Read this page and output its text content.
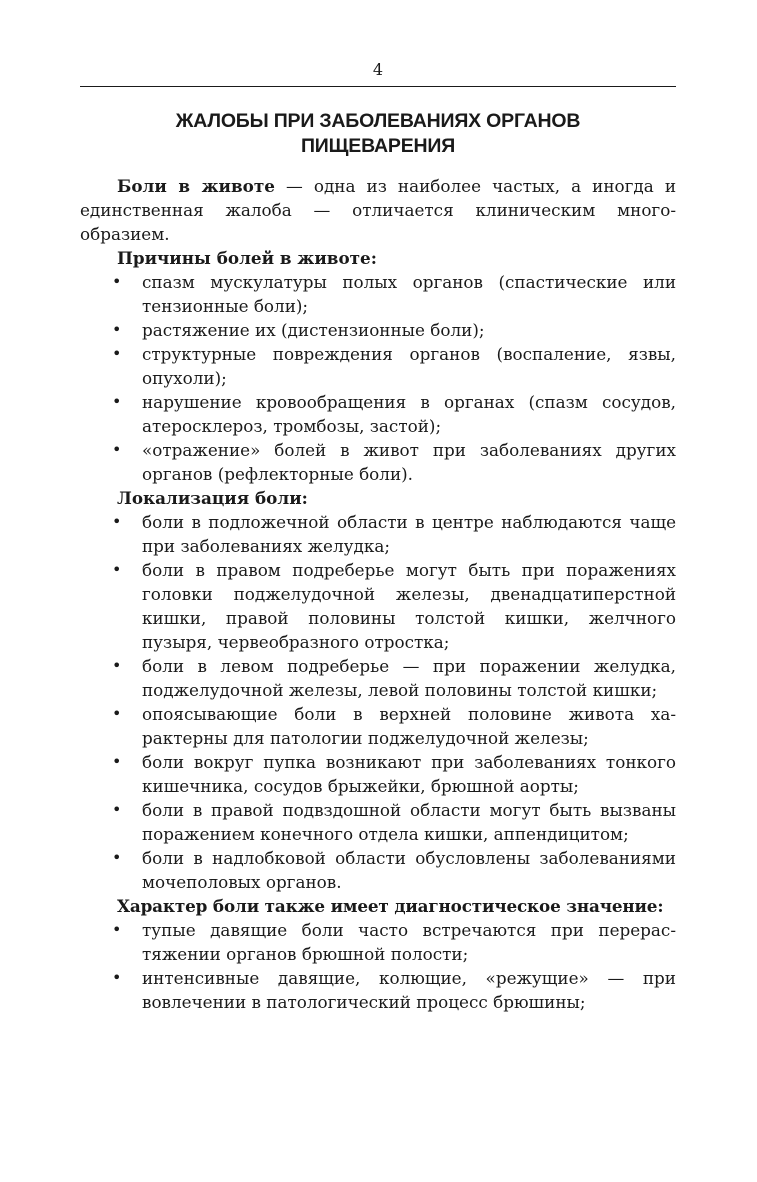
4
ЖАЛОБЫ ПРИ ЗАБОЛЕВАНИЯХ ОРГАНОВ
ПИЩЕВАРЕНИЯ

Боли в животе — одна из наиболее частых, а иногда и единственная жалоба — отличается клиническим многообразием.

Причины болей в животе:

• спазм мускулатуры полых органов (спастические или тензионные боли);
• растяжение их (дистензионные боли);
• структурные повреждения органов (воспаление, язвы, опухоли);
• нарушение кровообращения в органах (спазм сосудов, атеросклероз, тромбозы, застой);
• «отражение» болей в живот при заболеваниях других органов (рефлекторные боли).

Локализация боли:

• боли в подложечной области в центре наблюдаются чаще при заболеваниях желудка;
• боли в правом подреберье могут быть при поражениях головки поджелудочной железы, двенадцатиперстной кишки, правой половины толстой кишки, желчного пузыря, червеобразного отростка;
• боли в левом подреберье — при поражении желудка, поджелудочной железы, левой половины толстой кишки;
• опоясывающие боли в верхней половине живота характерны для патологии поджелудочной железы;
• боли вокруг пупка возникают при заболеваниях тонкого кишечника, сосудов брыжейки, брюшной аорты;
• боли в правой подвздошной области могут быть вызваны поражением конечного отдела кишки, аппендицитом;
• боли в надлобковой области обусловлены заболеваниями мочеполовых органов.

Характер боли также имеет диагностическое значение:

• тупые давящие боли часто встречаются при перерастяжении органов брюшной полости;
• интенсивные давящие, колющие, «режущие» — при вовлечении в патологический процесс брюшины;
